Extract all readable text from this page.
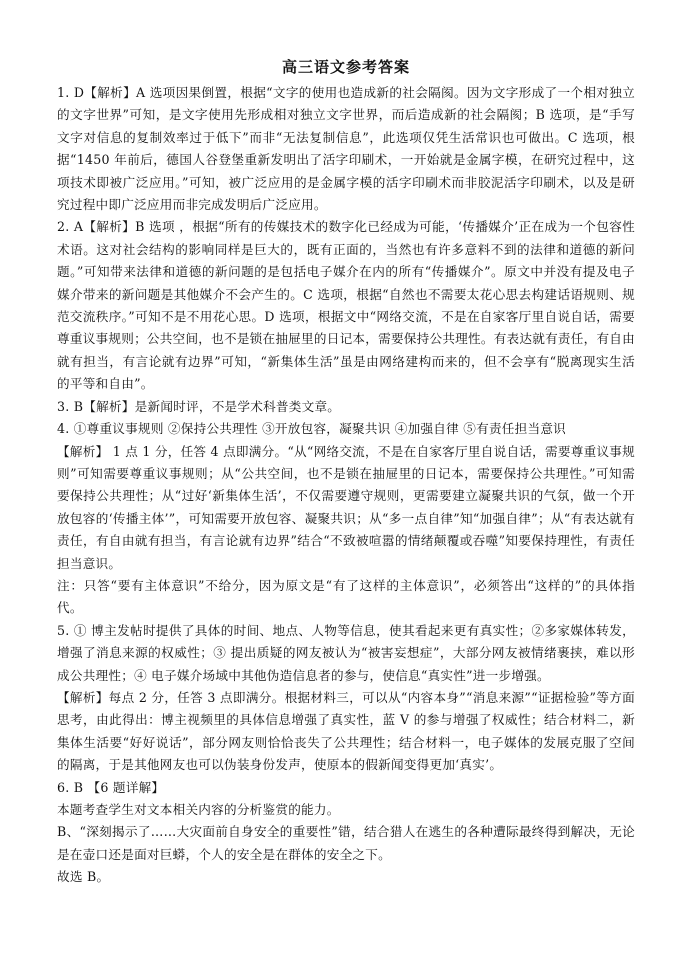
高三语文参考答案

1. D【解析】A 选项因果倒置，根据“文字的使用也造成新的社会隔阂。因为文字形成了一个相对独立的文字世界”可知，是文字使用先形成相对独立文字世界，而后造成新的社会隔阂；B 选项，是“手写文字对信息的复制效率过于低下”而非“无法复制信息”，此选项仅凭生活常识也可做出。C 选项，根据“1450 年前后，德国人谷登堡重新发明出了活字印刷术，一开始就是金属字模，在研究过程中，这项技术即被广泛应用。”可知，被广泛应用的是金属字模的活字印刷术而非胶泥活字印刷术，以及是研究过程中即广泛应用而非完成发明后广泛应用。

2. A【解析】B 选项 ，根据“所有的传媒技术的数字化已经成为可能，‘传播媒介’正在成为一个包容性术语。这对社会结构的影响同样是巨大的，既有正面的，当然也有许多意料不到的法律和道德的新问题。”可知带来法律和道德的新问题的是包括电子媒介在内的所有“传播媒介”。原文中并没有提及电子媒介带来的新问题是其他媒介不会产生的。C 选项，根据“自然也不需要太花心思去构建话语规则、规范交流秩序。”可知不是不用花心思。D 选项，根据文中“网络交流，不是在自家客厅里自说自话，需要尊重议事规则；公共空间，也不是锁在抽屉里的日记本，需要保持公共理性。有表达就有责任，有自由就有担当，有言论就有边界”可知，“新集体生活”虽是由网络建构而来的，但不会享有“脱离现实生活的平等和自由”。

3. B【解析】是新闻时评，不是学术科普类文章。

4. ①尊重议事规则 ②保持公共理性 ③开放包容，凝聚共识 ④加强自律 ⑤有责任担当意识

【解析】 1 点 1 分，任答 4 点即满分。“从“网络交流，不是在自家客厅里自说自话，需要尊重议事规则”可知需要尊重议事规则；从“公共空间，也不是锁在抽屉里的日记本，需要保持公共理性。”可知需要保持公共理性；从“过好‘新集体生活’，不仅需要遵守规则，更需要建立凝聚共识的气氛，做一个开放包容的‘传播主体’”，可知需要开放包容、凝聚共识；从“多一点自律”知“加强自律”；从“有表达就有责任，有自由就有担当，有言论就有边界”结合“不致被喧嚣的情绪颠覆或吞噬”知要保持理性，有责任担当意识。

注：只答“要有主体意识”不给分，因为原文是“有了这样的主体意识”，必须答出“这样的”的具体指代。

5. ① 博主发帖时提供了具体的时间、地点、人物等信息，使其看起来更有真实性；②多家媒体转发，增强了消息来源的权威性；③ 提出质疑的网友被认为“被害妄想症”，大部分网友被情绪裹挟，难以形成公共理性；④ 电子媒介场域中其他伪造信息者的参与，使信息“真实性”进一步增强。

【解析】每点 2 分，任答 3 点即满分。根据材料三，可以从“内容本身”“消息来源”“证据检验”等方面思考，由此得出：博主视频里的具体信息增强了真实性，蓝 V 的参与增强了权威性；结合材料二，新集体生活要“好好说话”，部分网友则恰恰丧失了公共理性；结合材料一，电子媒体的发展克服了空间的隔离，于是其他网友也可以伪装身份发声，使原本的假新闻变得更加‘真实’。

6. B 【6 题详解】

本题考查学生对文本相关内容的分析鉴赏的能力。

B、“深刻揭示了……大灾面前自身安全的重要性”错，结合猎人在逃生的各种遭际最终得到解决，无论是在壶口还是面对巨蟒，个人的安全是在群体的安全之下。

故选 B。
